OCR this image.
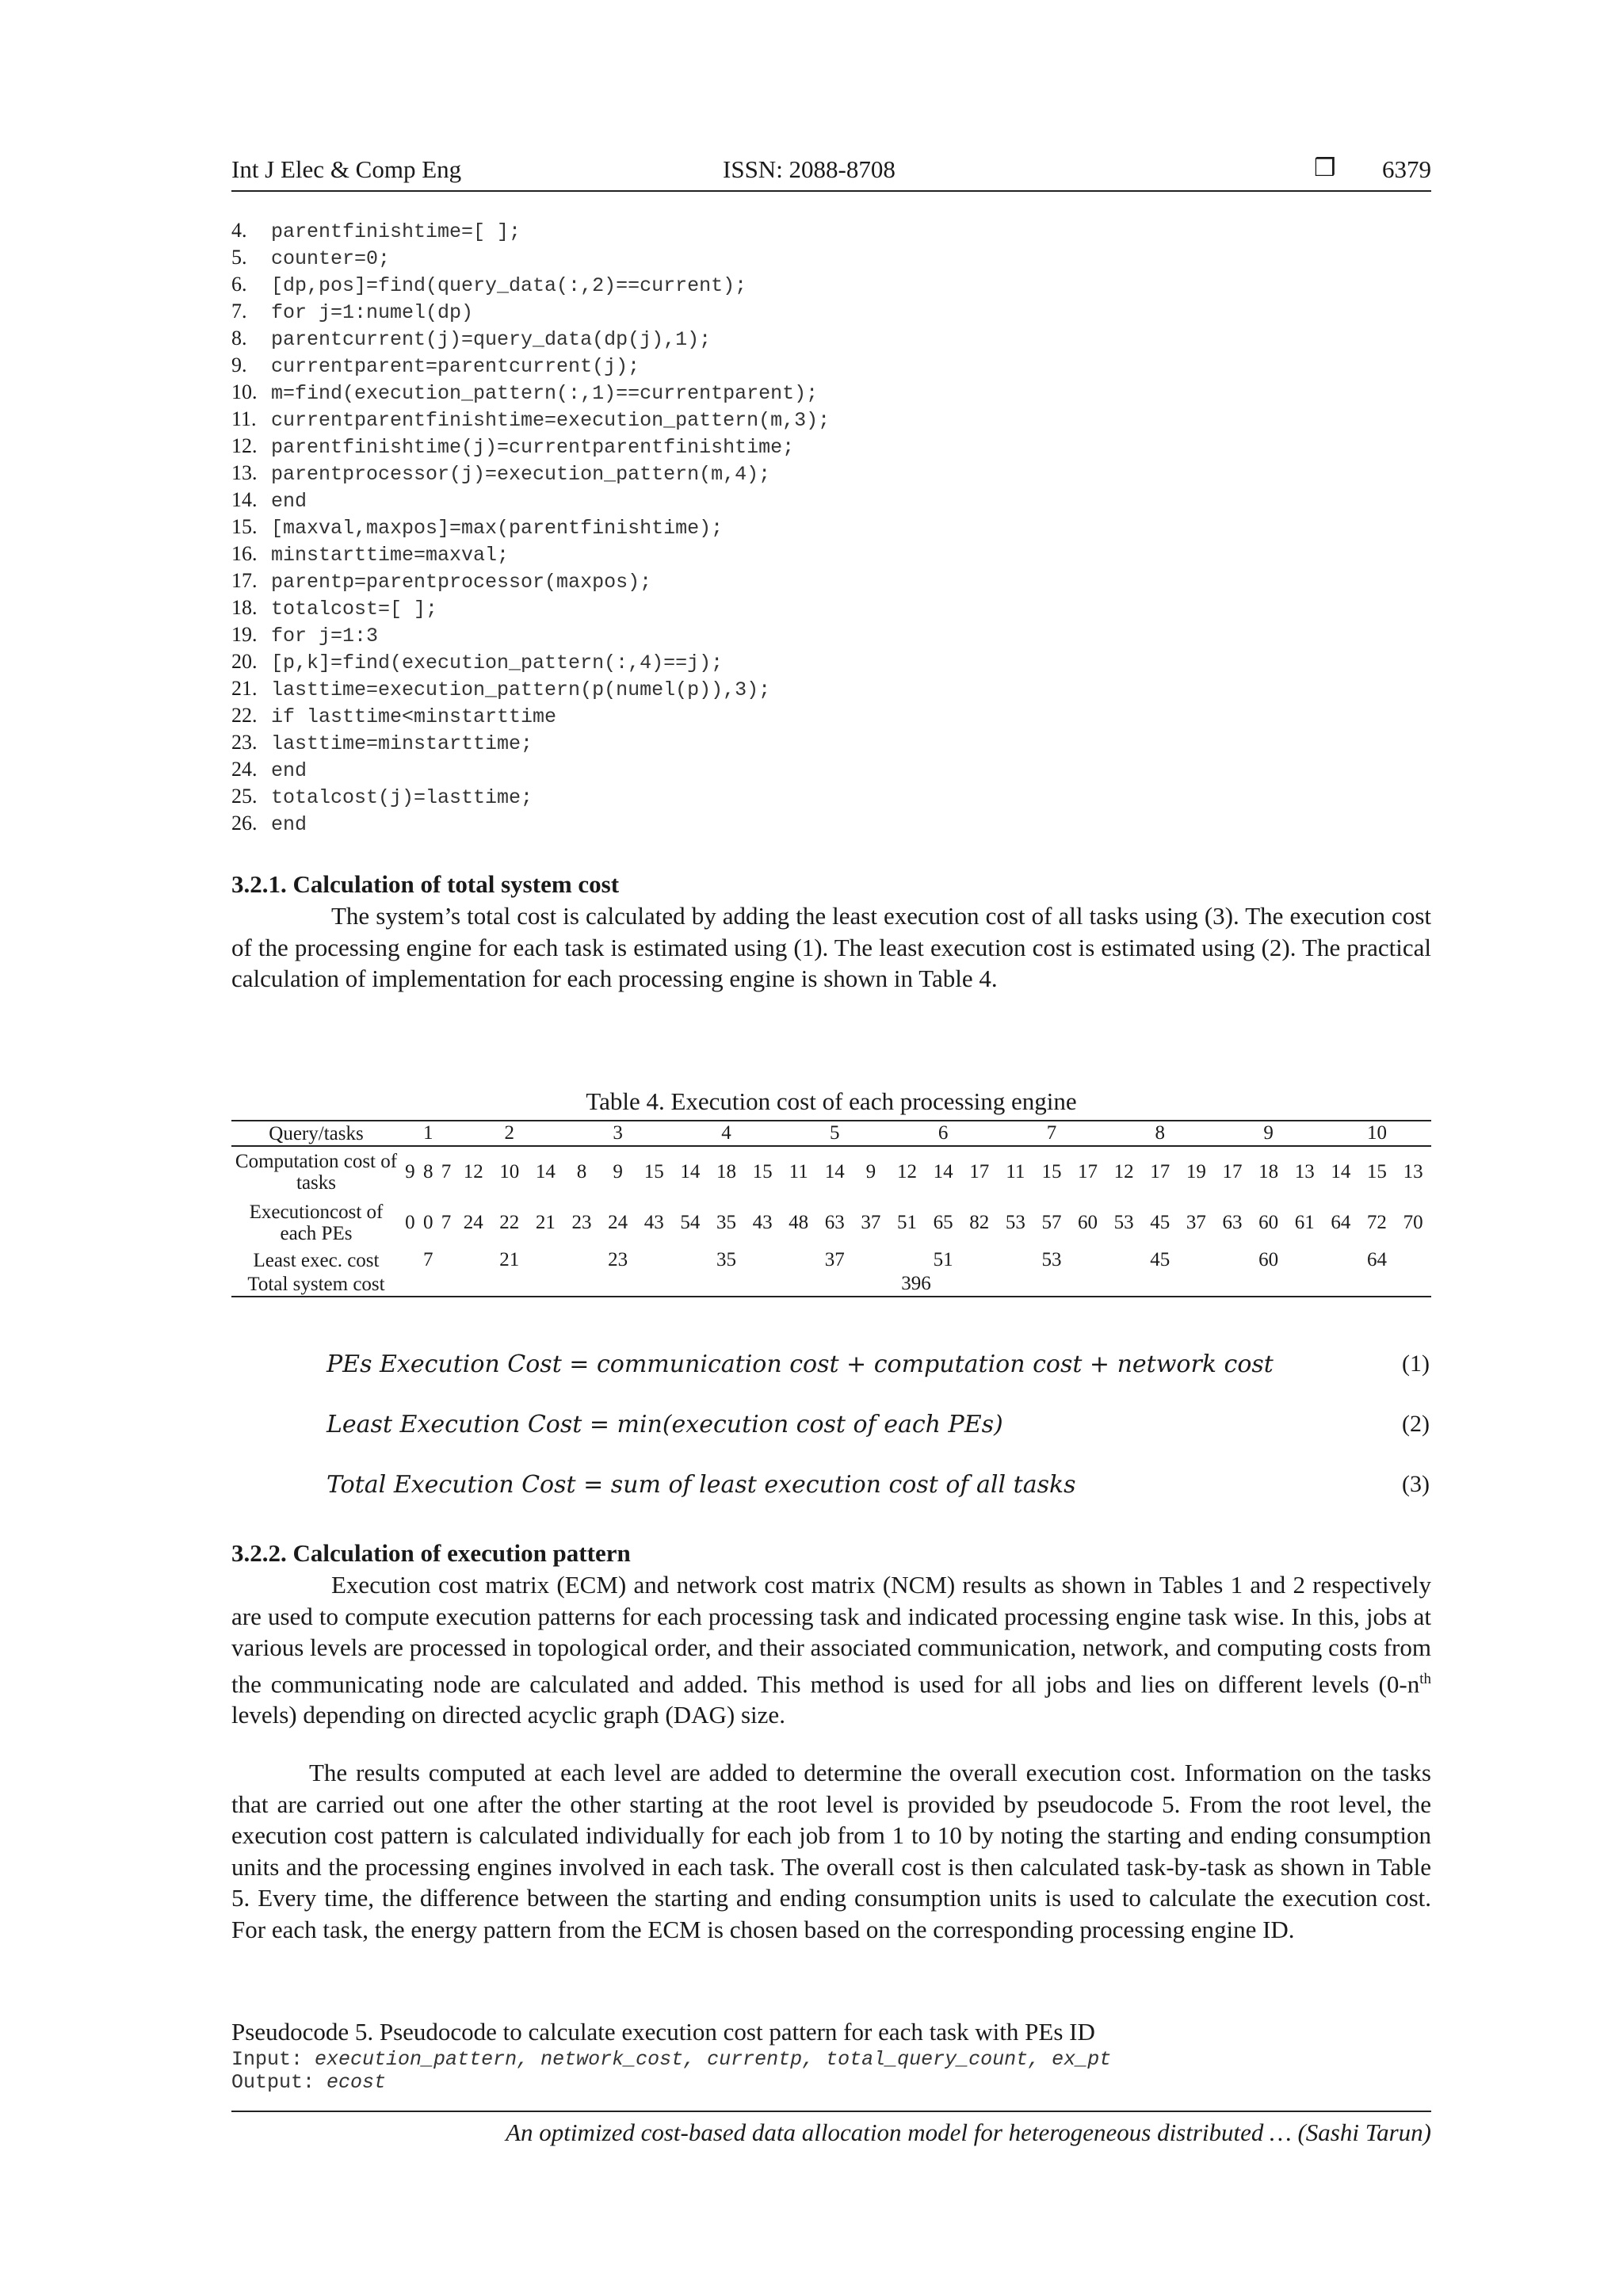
Int J Elec & Comp Eng	ISSN: 2088-8708	❒ 6379
4. parentfinishtime=[ ];
5. counter=0;
6. [dp,pos]=find(query_data(:,2)==current);
7. for j=1:numel(dp)
8. parentcurrent(j)=query_data(dp(j),1);
9. currentparent=parentcurrent(j);
10. m=find(execution_pattern(:,1)==currentparent);
11. currentparentfinishtime=execution_pattern(m,3);
12. parentfinishtime(j)=currentparentfinishtime;
13. parentprocessor(j)=execution_pattern(m,4);
14. end
15. [maxval,maxpos]=max(parentfinishtime);
16. minstarttime=maxval;
17. parentp=parentprocessor(maxpos);
18. totalcost=[ ];
19. for j=1:3
20. [p,k]=find(execution_pattern(:,4)==j);
21. lasttime=execution_pattern(p(numel(p)),3);
22. if lasttime<minstarttime
23. lasttime=minstarttime;
24. end
25. totalcost(j)=lasttime;
26. end
3.2.1. Calculation of total system cost

The system’s total cost is calculated by adding the least execution cost of all tasks using (3). The execution cost of the processing engine for each task is estimated using (1). The least execution cost is estimated using (2). The practical calculation of implementation for each processing engine is shown in Table 4.

Table 4. Execution cost of each processing engine
Query/tasks	1			2			3			4			5			6			7			8			9			10		
Computation cost of tasks	9	8	7	12	10	14	8	9	15	14	18	15	11	14	9	12	14	17	11	15	17	12	17	19	17	18	13	14	15	13
Executioncost of each PEs	0	0	7	24	22	21	23	24	43	54	35	43	48	63	37	51	65	82	53	57	60	53	45	37	63	60	61	64	72	70
Least exec. cost	7			21			23			35			37			51			53			45			60			64		
Total system cost	396																													
PEs Execution Cost = communication cost + computation cost + network cost	(1)
Least Execution Cost = min(execution cost of each PEs)	(2)
Total Execution Cost = sum of least execution cost of all tasks	(3)
3.2.2. Calculation of execution pattern

Execution cost matrix (ECM) and network cost matrix (NCM) results as shown in Tables 1 and 2 respectively are used to compute execution patterns for each processing task and indicated processing engine task wise. In this, jobs at various levels are processed in topological order, and their associated communication, network, and computing costs from the communicating node are calculated and added. This method is used for all jobs and lies on different levels ($0-n^{th}$ levels) depending on directed acyclic graph (DAG) size.

The results computed at each level are added to determine the overall execution cost. Information on the tasks that are carried out one after the other starting at the root level is provided by pseudocode 5. From the root level, the execution cost pattern is calculated individually for each job from 1 to 10 by noting the starting and ending consumption units and the processing engines involved in each task. The overall cost is then calculated task-by-task as shown in Table 5. Every time, the difference between the starting and ending consumption units is used to calculate the execution cost. For each task, the energy pattern from the ECM is chosen based on the corresponding processing engine ID.

Pseudocode 5. Pseudocode to calculate execution cost pattern for each task with PEs ID
Input: execution_pattern, network_cost, currentp, total_query_count, ex_pt
Output: ecost
An optimized cost-based data allocation model for heterogeneous distributed … (Sashi Tarun)
